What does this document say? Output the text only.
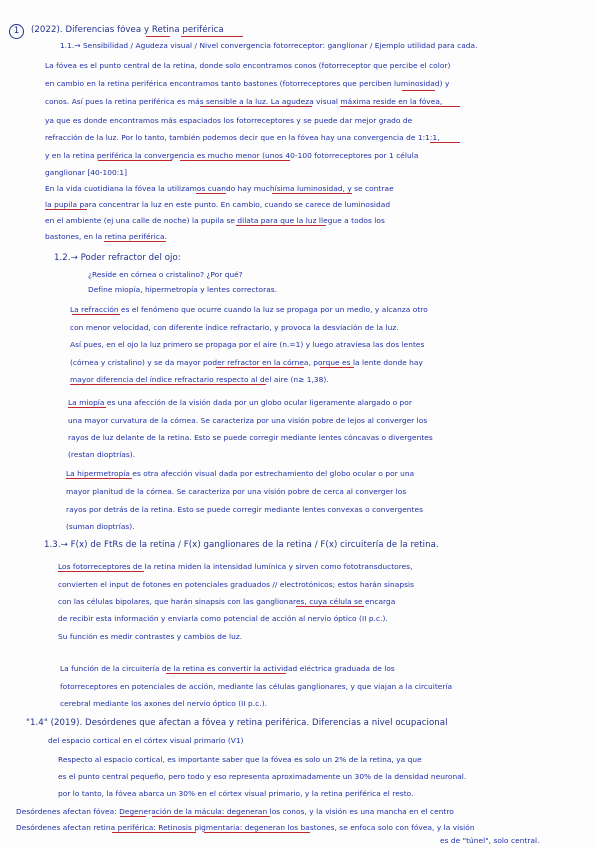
1	(2022). Diferencias fóvea y Retina periférica
1.1.→ Sensibilidad / Agudeza visual / Nivel convergencia fotorreceptor: ganglionar / Ejemplo utilidad para cada.
La fóvea es el punto central de la retina, donde solo encontramos conos (fotorreceptor que percibe el color)
en cambio en la retina periférica encontramos tanto bastones (fotorreceptores que perciben luminosidad) y
conos. Así pues la retina periférica es más sensible a la luz. La agudeza visual máxima reside en la fóvea,
ya que es donde encontramos más espaciados los fotorreceptores y se puede dar mejor grado de
refracción de la luz. Por lo tanto, también podemos decir que en la fóvea hay una convergencia de 1:1:1,
y en la retina periférica la convergencia es mucho menor (unos 40-100 fotorreceptores por 1 célula
ganglionar [40-100:1]
En la vida cuotidiana la fóvea la utilizamos cuando hay muchísima luminosidad, y se contrae
la pupila para concentrar la luz en este punto. En cambio, cuando se carece de luminosidad
en el ambiente (ej una calle de noche) la pupila se dilata para que la luz llegue a todos los
bastones, en la retina periférica.
1.2.→ Poder refractor del ojo:
¿Reside en córnea o cristalino? ¿Por qué?
Define miopía, hipermetropía y lentes correctoras.
La refracción es el fenómeno que ocurre cuando la luz se propaga por un medio, y alcanza otro
con menor velocidad, con diferente índice refractario, y provoca la desviación de la luz.
Así pues, en el ojo la luz primero se propaga por el aire (n.=1) y luego atraviesa las dos lentes
(córnea y cristalino) y se da mayor poder refractor en la córnea, porque es la lente donde hay
mayor diferencia del índice refractario respecto al del aire (n≥ 1,38).
La miopía es una afección de la visión dada por un globo ocular ligeramente alargado o por
una mayor curvatura de la córnea. Se caracteriza por una visión pobre de lejos al converger los
rayos de luz delante de la retina. Esto se puede corregir mediante lentes cóncavas o divergentes
(restan dioptrías).
La hipermetropía es otra afección visual dada por estrechamiento del globo ocular o por una
mayor planitud de la córnea. Se caracteriza por una visión pobre de cerca al converger los
rayos por detrás de la retina. Esto se puede corregir mediante lentes convexas o convergentes
(suman dioptrías).
1.3.→ F(x) de FtRs de la retina / F(x) ganglionares de la retina / F(x) circuitería de la retina.
Los fotorreceptores de la retina miden la intensidad lumínica y sirven como fototransductores,
convierten el input de fotones en potenciales graduados // electrotónicos; estos harán sinapsis
con las células bipolares, que harán sinapsis con las ganglionares, cuya célula se encarga
de recibir esta información y enviarla como potencial de acción al nervio óptico (II p.c.).
Su función es medir contrastes y cambios de luz.
La función de la circuitería de la retina es convertir la actividad eléctrica graduada de los
fotorreceptores en potenciales de acción, mediante las células ganglionares, y que viajan a la circuitería
cerebral mediante los axones del nervio óptico (II p.c.).
"1.4" (2019). Desórdenes que afectan a fóvea y retina periférica. Diferencias a nivel ocupacional
del espacio cortical en el córtex visual primario (V1)
Respecto al espacio cortical, es importante saber que la fóvea es solo un 2% de la retina, ya que
es el punto central pequeño, pero todo y eso representa aproximadamente un 30% de la densidad neuronal.
por lo tanto, la fóvea abarca un 30% en el córtex visual primario, y la retina periférica el resto.
Desórdenes afectan fóvea: Degeneración de la mácula: degeneran los conos, y la visión es una mancha en el centro
Desórdenes afectan retina periférica: Retinosis pigmentaria: degeneran los bastones, se enfoca solo con fóvea, y la visión
es de "túnel", solo central.
